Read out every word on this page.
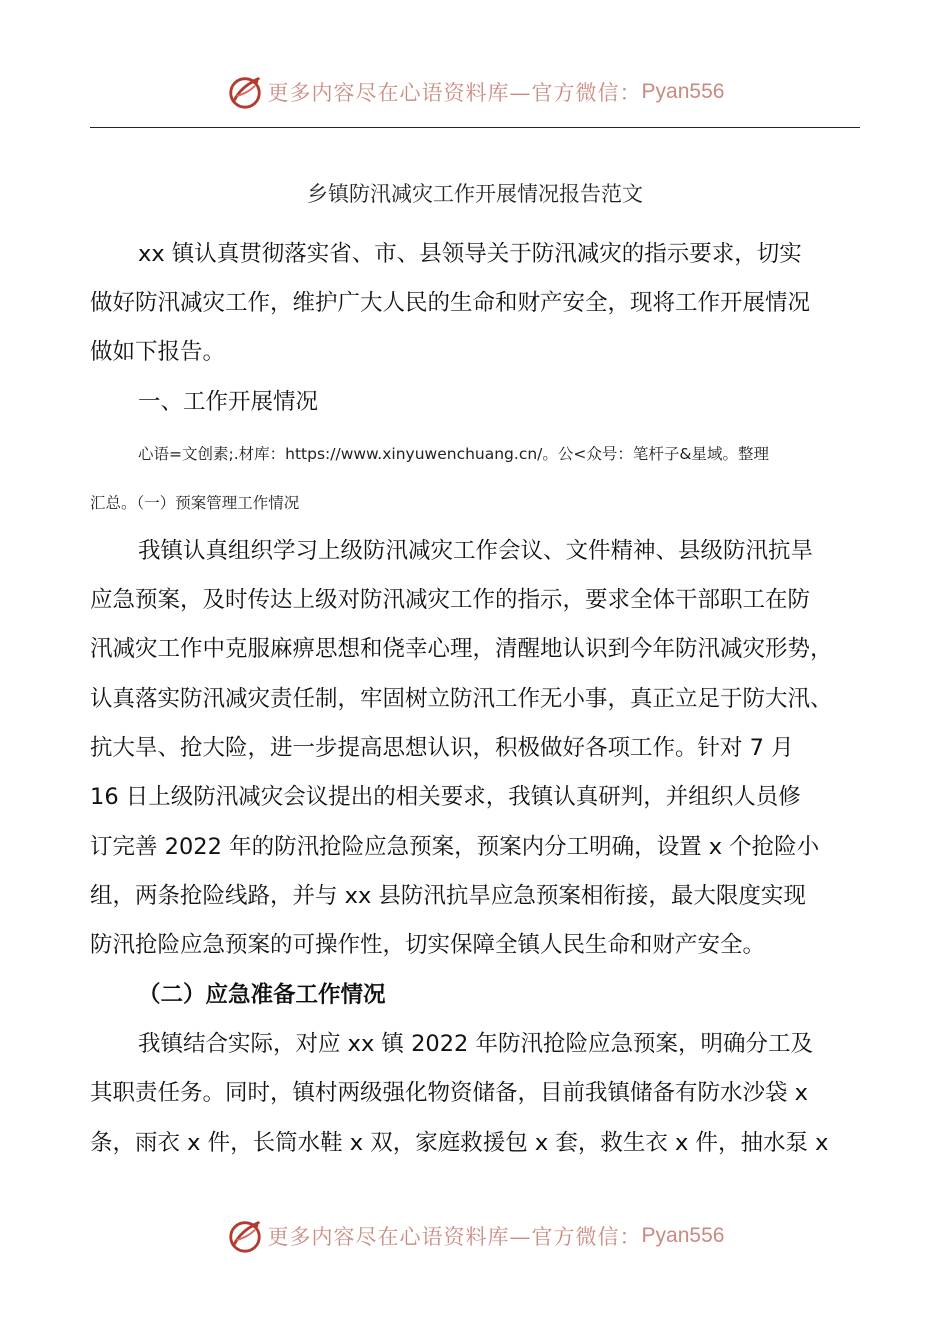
更多内容尽在心语资料库—官方微信： Pyan556
乡镇防汛减灾工作开展情况报告范文
xx 镇认真贯彻落实省、市、县领导关于防汛减灾的指示要求，切实
做好防汛减灾工作，维护广大人民的生命和财产安全，现将工作开展情况
做如下报告。
一、工作开展情况
心语=文创素;.材库：https://www.xinyuwenchuang.cn/。公<众号：笔杆子&星域。整理
汇总。（一）预案管理工作情况
我镇认真组织学习上级防汛减灾工作会议、文件精神、县级防汛抗旱
应急预案，及时传达上级对防汛减灾工作的指示，要求全体干部职工在防
汛减灾工作中克服麻痹思想和侥幸心理，清醒地认识到今年防汛减灾形势，
认真落实防汛减灾责任制，牢固树立防汛工作无小事，真正立足于防大汛、
抗大旱、抢大险，进一步提高思想认识，积极做好各项工作。针对 7 月
16 日上级防汛减灾会议提出的相关要求，我镇认真研判，并组织人员修
订完善 2022 年的防汛抢险应急预案，预案内分工明确，设置 x 个抢险小
组，两条抢险线路，并与 xx 县防汛抗旱应急预案相衔接，最大限度实现
防汛抢险应急预案的可操作性，切实保障全镇人民生命和财产安全。
（二）应急准备工作情况
我镇结合实际，对应 xx 镇 2022 年防汛抢险应急预案，明确分工及
其职责任务。同时，镇村两级强化物资储备，目前我镇储备有防水沙袋 x
条，雨衣 x 件，长筒水鞋 x 双，家庭救援包 x 套，救生衣 x 件，抽水泵 x
更多内容尽在心语资料库—官方微信： Pyan556
